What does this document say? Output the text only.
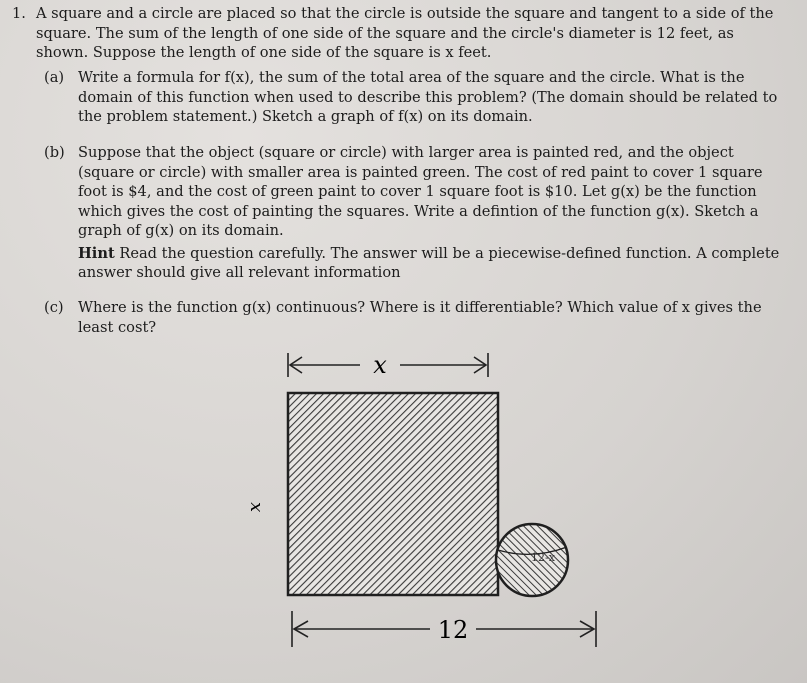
1. A square and a circle are placed so that the circle is outside the square and tangent to a side of the square. The sum of the length of one side of the square and the circle's diameter is 12 feet, as shown. Suppose the length of one side of the square is x feet.
(a) Write a formula for f(x), the sum of the total area of the square and the circle. What is the domain of this function when used to describe this problem? (The domain should be related to the problem statement.) Sketch a graph of f(x) on its domain.
(b) Suppose that the object (square or circle) with larger area is painted red, and the object (square or circle) with smaller area is painted green. The cost of red paint to cover 1 square foot is $4, and the cost of green paint to cover 1 square foot is $10. Let g(x) be the function which gives the cost of painting the squares. Write a defintion of the function g(x). Sketch a graph of g(x) on its domain.
Hint Read the question carefully. The answer will be a piecewise-defined function. A complete answer should give all relevant information
(c) Where is the function g(x) continuous? Where is it differentiable? Which value of x gives the least cost?
x
x
12-x
12
